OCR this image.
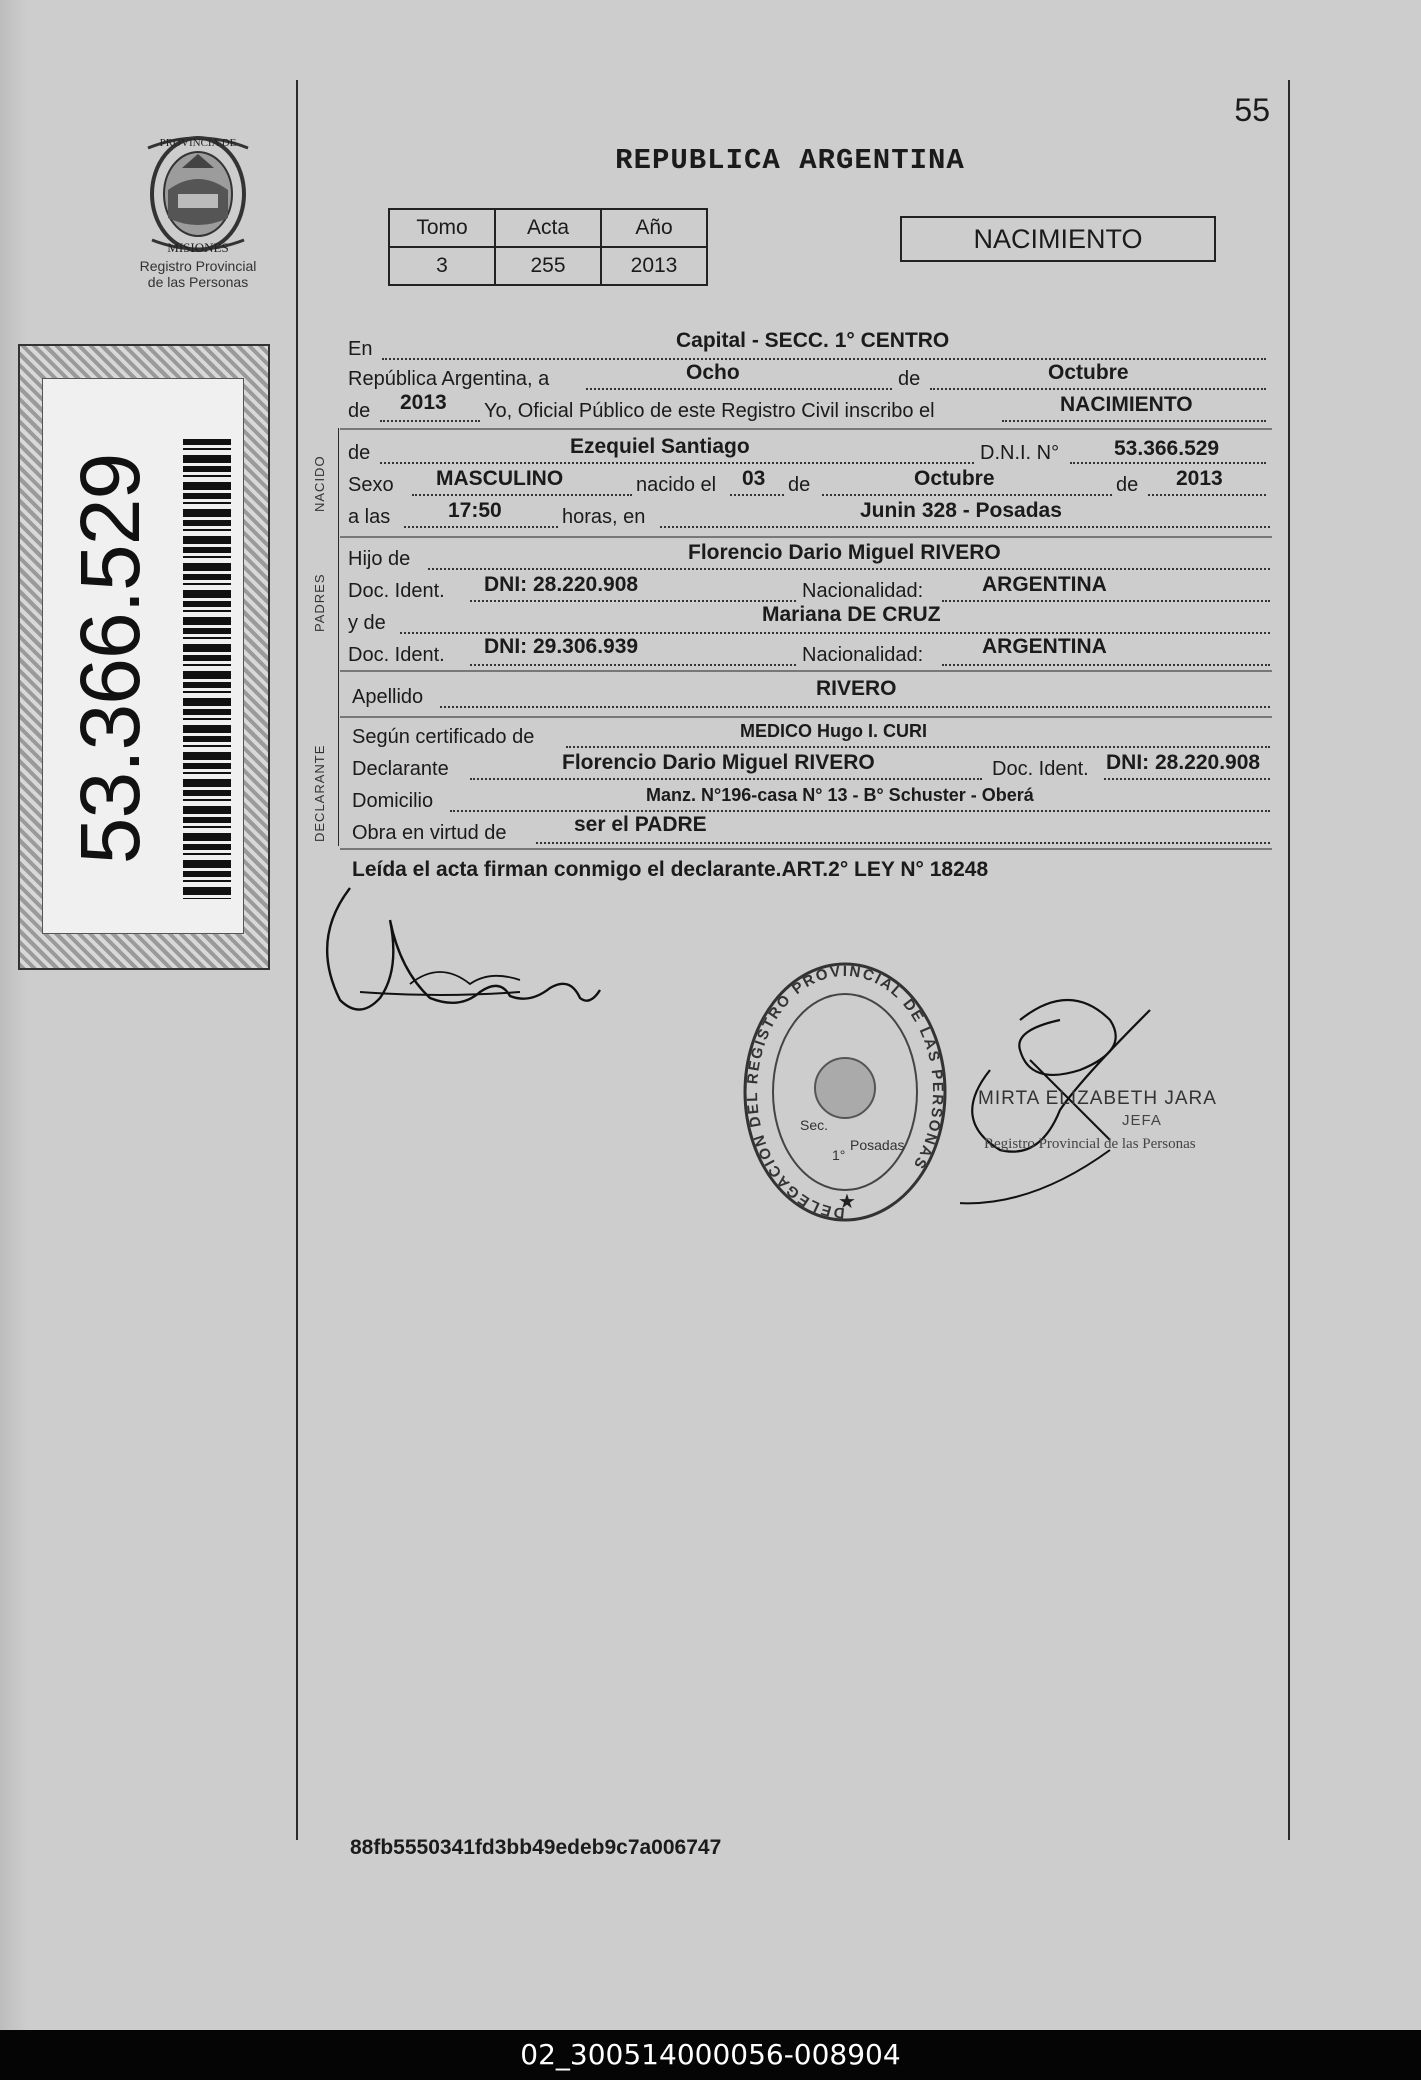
PROVINCIA DE
MISIONES
Registro Provincial
de las Personas
53.366.529
55
REPUBLICA ARGENTINA
Tomo	Acta	Año
3	255	2013
NACIMIENTO
En	Capital - SECC. 1° CENTRO
República Argentina, a	Ocho	de	Octubre
de 2013 Yo, Oficial Público de este Registro Civil inscribo el	NACIMIENTO
NACIDO
de	Ezequiel Santiago	D.N.I. N°	53.366.529
Sexo MASCULINO	nacido el 03 de	Octubre	de 2013
a las	17:50	horas, en	Junin 328 - Posadas
PADRES
Hijo de	Florencio Dario Miguel RIVERO
Doc. Ident. DNI: 28.220.908	Nacionalidad:	ARGENTINA
y de	Mariana DE CRUZ
Doc. Ident. DNI: 29.306.939	Nacionalidad:	ARGENTINA
Apellido	RIVERO
DECLARANTE
Según certificado de	MEDICO Hugo I. CURI
Declarante	Florencio Dario Miguel RIVERO	Doc. Ident. DNI: 28.220.908
Domicilio	Manz. N°196-casa N° 13 - B° Schuster - Oberá
Obra en virtud de	ser el PADRE
Leída el acta firman conmigo el declarante.ART.2° LEY N° 18248
DELEGACION DEL REGISTRO PROVINCIAL DE LAS PERSONAS
Sec.
1°
Posadas
★
MIRTA ELIZABETH JARA
JEFA
Registro Provincial de las Personas
88fb5550341fd3bb49edeb9c7a006747
02_300514000056-008904
